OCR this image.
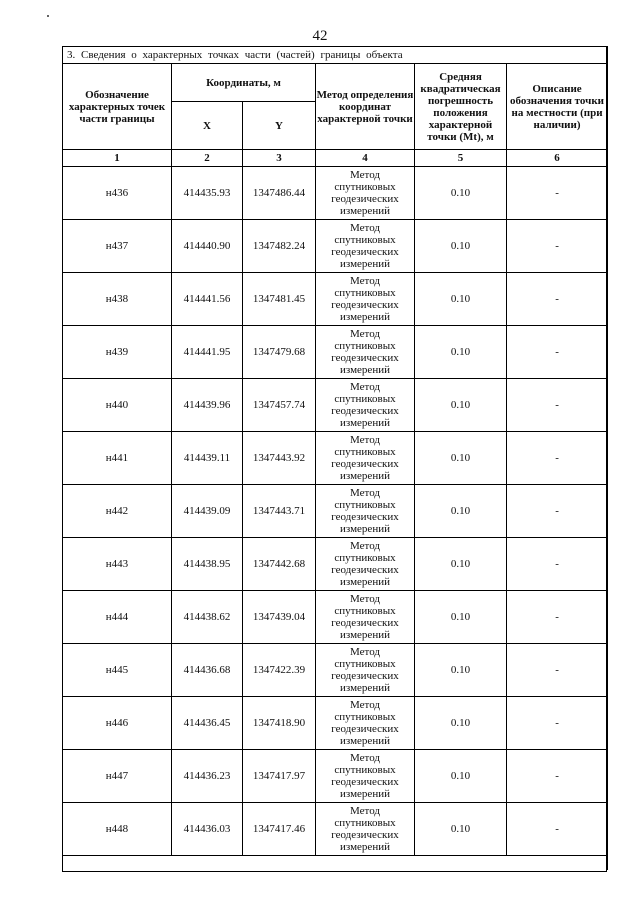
42
3. Сведения о характерных точках части (частей) границы объекта					
Обозначение характерных точек части границы	Координаты, м		Метод определения координат характерной точки	Средняя квадратическая погрешность положения характерной точки (Mt), м	Описание обозначения точки на местности (при наличии)
	X	Y			
1	2	3	4	5	6
н436	414435.93	1347486.44	Метод
спутниковых
геодезических
измерений	0.10	-
н437	414440.90	1347482.24	Метод
спутниковых
геодезических
измерений	0.10	-
н438	414441.56	1347481.45	Метод
спутниковых
геодезических
измерений	0.10	-
н439	414441.95	1347479.68	Метод
спутниковых
геодезических
измерений	0.10	-
н440	414439.96	1347457.74	Метод
спутниковых
геодезических
измерений	0.10	-
н441	414439.11	1347443.92	Метод
спутниковых
геодезических
измерений	0.10	-
н442	414439.09	1347443.71	Метод
спутниковых
геодезических
измерений	0.10	-
н443	414438.95	1347442.68	Метод
спутниковых
геодезических
измерений	0.10	-
н444	414438.62	1347439.04	Метод
спутниковых
геодезических
измерений	0.10	-
н445	414436.68	1347422.39	Метод
спутниковых
геодезических
измерений	0.10	-
н446	414436.45	1347418.90	Метод
спутниковых
геодезических
измерений	0.10	-
н447	414436.23	1347417.97	Метод
спутниковых
геодезических
измерений	0.10	-
н448	414436.03	1347417.46	Метод
спутниковых
геодезических
измерений	0.10	-
